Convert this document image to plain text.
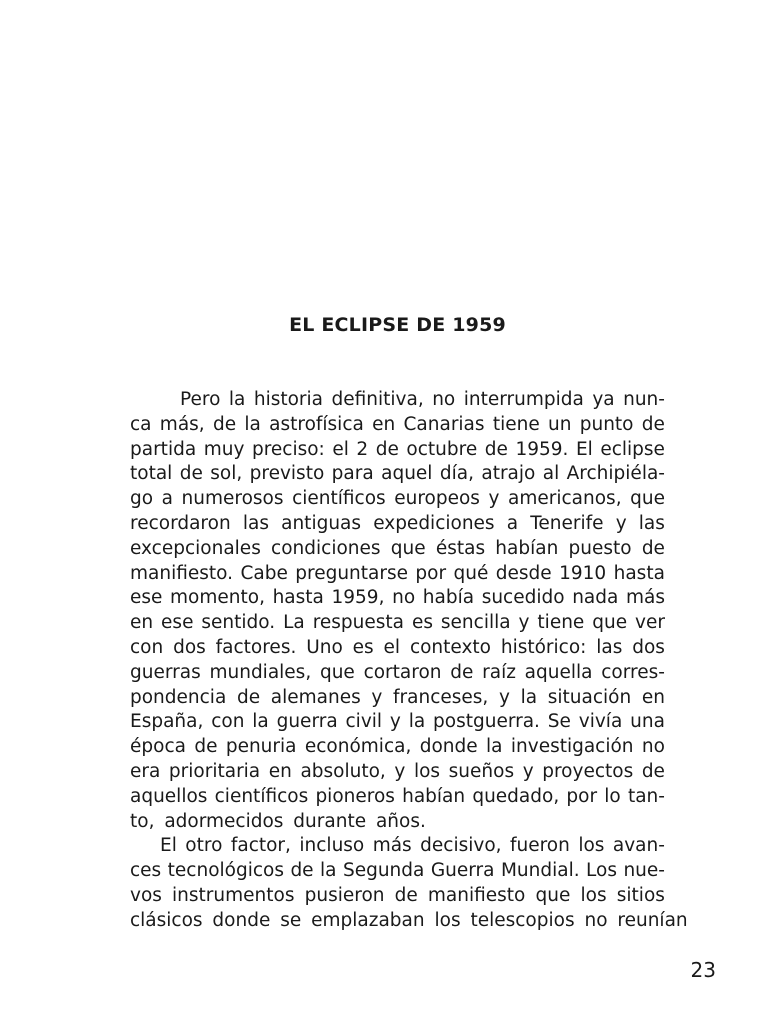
EL ECLIPSE DE 1959
Pero la historia definitiva, no interrumpida ya nun-
ca más, de la astrofísica en Canarias tiene un punto de
partida muy preciso: el 2 de octubre de 1959. El eclipse
total de sol, previsto para aquel día, atrajo al Archipiéla-
go a numerosos científicos europeos y americanos, que
recordaron las antiguas expediciones a Tenerife y las
excepcionales condiciones que éstas habían puesto de
manifiesto. Cabe preguntarse por qué desde 1910 hasta
ese momento, hasta 1959, no había sucedido nada más
en ese sentido. La respuesta es sencilla y tiene que ver
con dos factores. Uno es el contexto histórico: las dos
guerras mundiales, que cortaron de raíz aquella corres-
pondencia de alemanes y franceses, y la situación en
España, con la guerra civil y la postguerra. Se vivía una
época de penuria económica, donde la investigación no
era prioritaria en absoluto, y los sueños y proyectos de
aquellos científicos pioneros habían quedado, por lo tan-
to, adormecidos durante años.
El otro factor, incluso más decisivo, fueron los avan-
ces tecnológicos de la Segunda Guerra Mundial. Los nue-
vos instrumentos pusieron de manifiesto que los sitios
clásicos donde se emplazaban los telescopios no reunían
23
